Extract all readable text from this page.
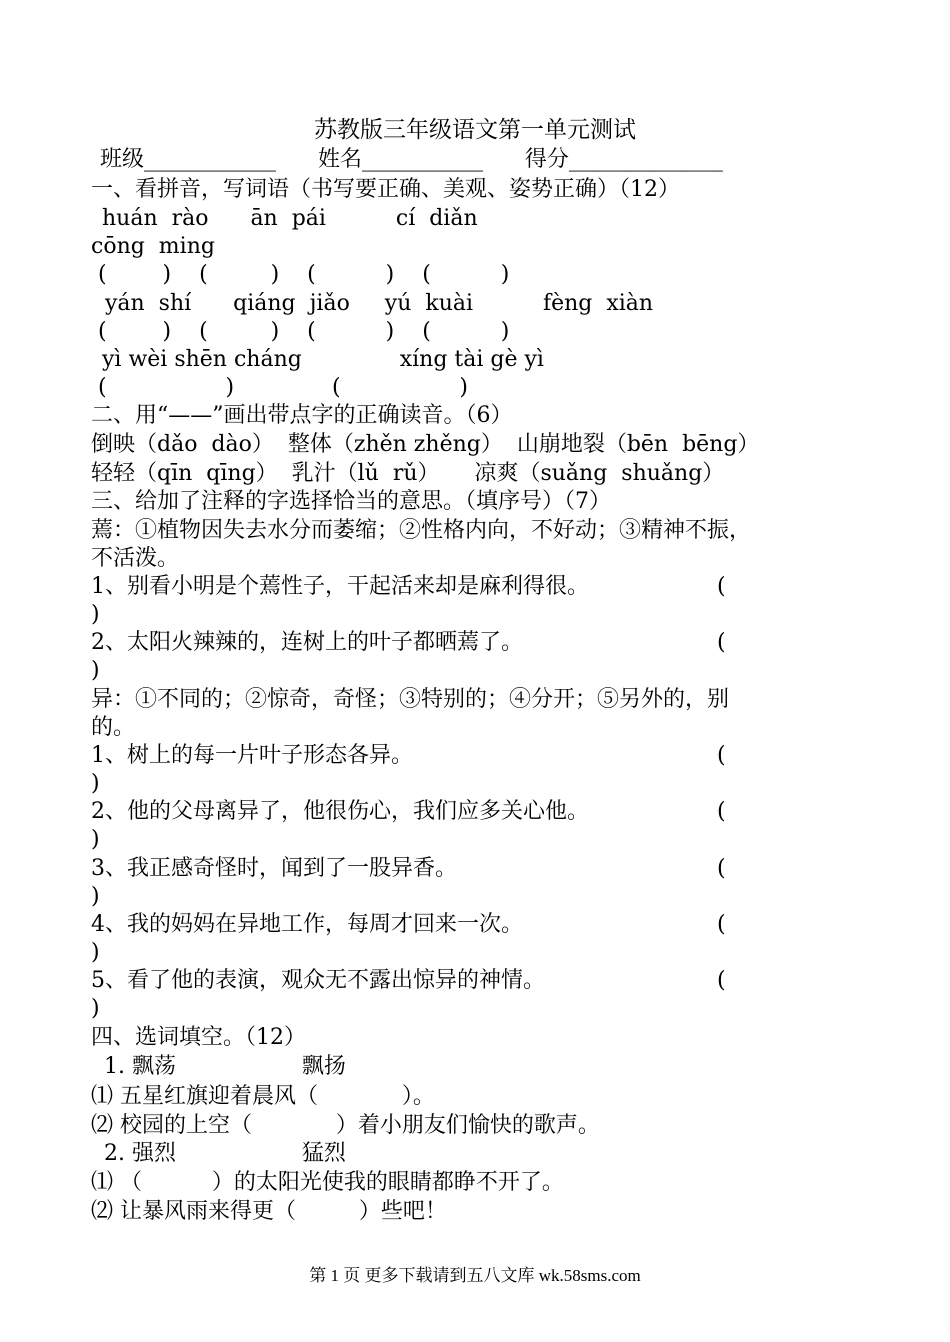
苏教版三年级语文第一单元测试
班级____________      姓名___________      得分______________
一、看拼音，写词语（书写要正确、美观、姿势正确）（12）
huán  rào      ān  pái          cí  diǎn
cōng  ming
(        )    (         )    (          )    (          )
yán  shí      qiáng  jiǎo     yú  kuài          fèng  xiàn
(        )    (         )    (          )    (          )
yì wèi shēn cháng              xíng tài gè yì
(                 )              (                 )
二、用“——”画出带点字的正确读音。（6）
倒映（dǎo  dào）  整体（zhěn zhěng）  山崩地裂（bēn  bēng）
轻轻（qīn  qīng）  乳汁（lǔ  rǔ）     凉爽（suǎng  shuǎng）
三、给加了注释的字选择恰当的意思。（填序号）（7）
蔫：①植物因失去水分而萎缩；②性格内向，不好动；③精神不振，
不活泼。
1、别看小明是个蔫性子，干起活来却是麻利得很。	(
)
2、太阳火辣辣的，连树上的叶子都晒蔫了。	(
)
异：①不同的；②惊奇，奇怪；③特别的；④分开；⑤另外的，别
的。
1、树上的每一片叶子形态各异。	(
)
2、他的父母离异了，他很伤心，我们应多关心他。	(
)
3、我正感奇怪时，闻到了一股异香。	(
)
4、我的妈妈在异地工作，每周才回来一次。	(
)
5、看了他的表演，观众无不露出惊异的神情。	(
)
四、选词填空。（12）
1. 飘荡                  飘扬
⑴ 五星红旗迎着晨风（            ）。
⑵ 校园的上空（            ）着小朋友们愉快的歌声。
2. 强烈                  猛烈
⑴ （          ）的太阳光使我的眼睛都睁不开了。
⑵ 让暴风雨来得更（         ）些吧！
第 1 页 更多下载请到五八文库 wk.58sms.com
